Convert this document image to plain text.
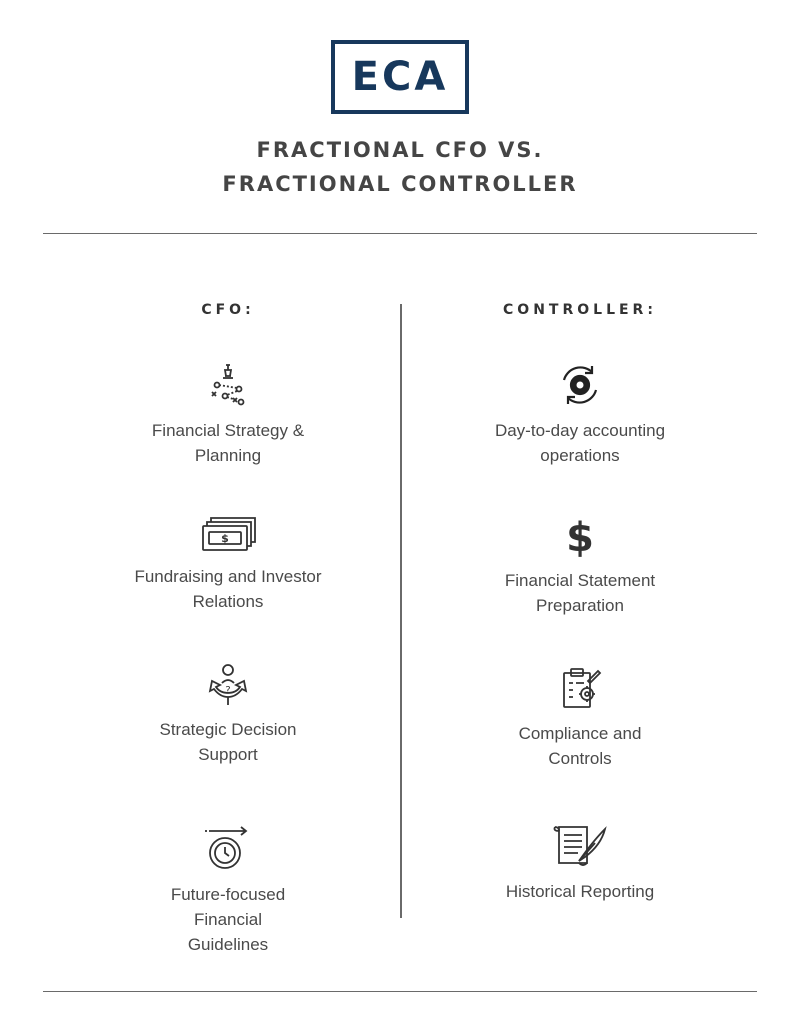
ECA
FRACTIONAL CFO VS.
FRACTIONAL CONTROLLER
CFO:	CONTROLLER:
Financial Strategy &
Planning
$
Fundraising and Investor
Relations
?
Strategic Decision
Support
Future-focused
Financial
Guidelines
Day-to-day accounting
operations
$
Financial Statement
Preparation
Compliance and
Controls
Historical Reporting
